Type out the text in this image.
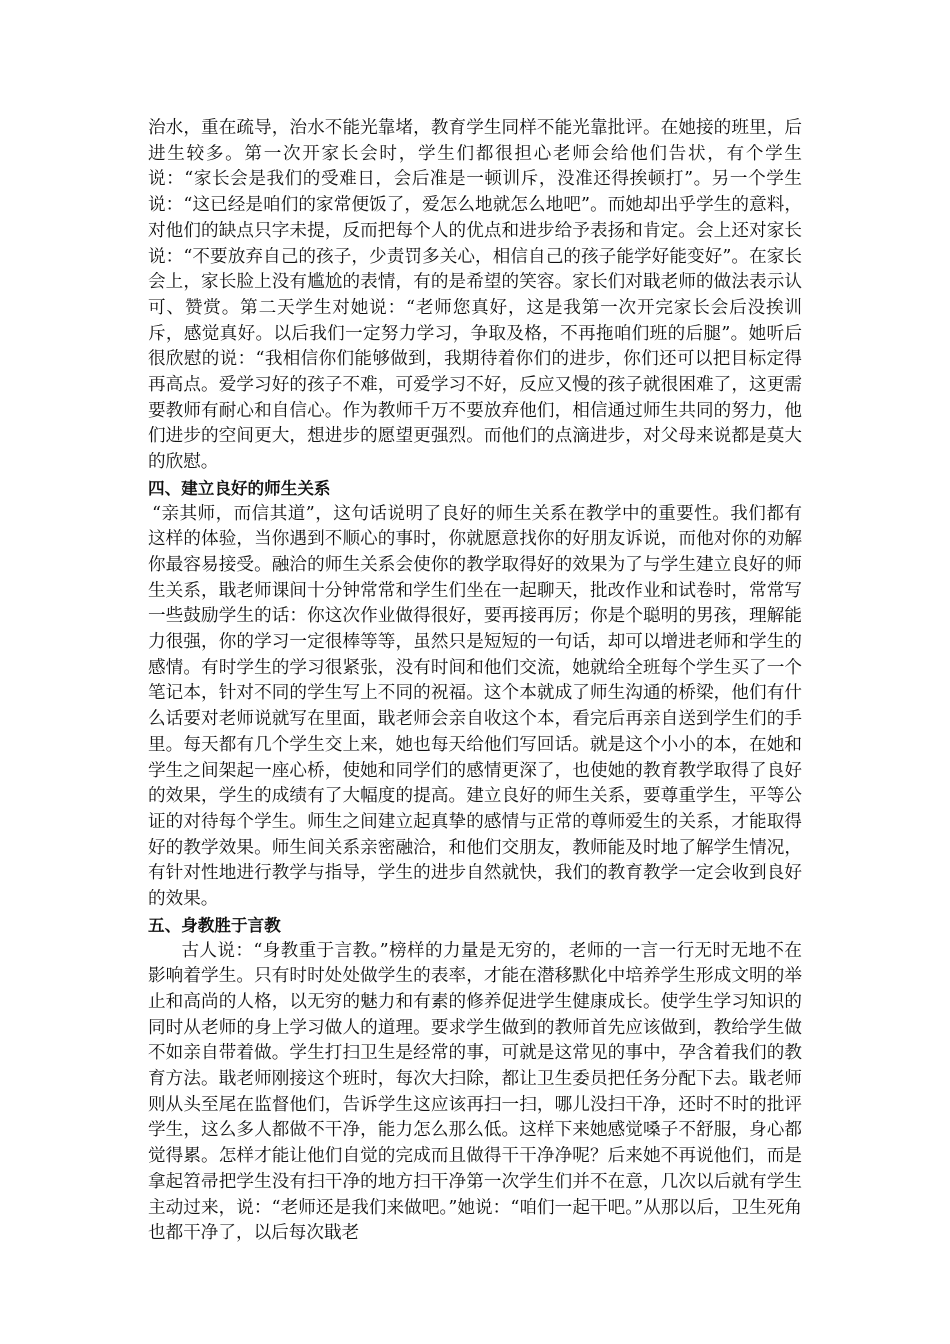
治水，重在疏导，治水不能光靠堵，教育学生同样不能光靠批评。在她接的班里，后进生较多。第一次开家长会时，学生们都很担心老师会给他们告状，有个学生说：“家长会是我们的受难日，会后准是一顿训斥，没准还得挨顿打”。另一个学生说：“这已经是咱们的家常便饭了，爱怎么地就怎么地吧”。而她却出乎学生的意料，对他们的缺点只字未提，反而把每个人的优点和进步给予表扬和肯定。会上还对家长说：“不要放弃自己的孩子，少责罚多关心，相信自己的孩子能学好能变好”。在家长会上，家长脸上没有尴尬的表情，有的是希望的笑容。家长们对戢老师的做法表示认可、赞赏。第二天学生对她说：“老师您真好，这是我第一次开完家长会后没挨训斥，感觉真好。以后我们一定努力学习，争取及格，不再拖咱们班的后腿”。她听后很欣慰的说：“我相信你们能够做到，我期待着你们的进步，你们还可以把目标定得再高点。爱学习好的孩子不难，可爱学习不好，反应又慢的孩子就很困难了，这更需要教师有耐心和自信心。作为教师千万不要放弃他们，相信通过师生共同的努力，他们进步的空间更大，想进步的愿望更强烈。而他们的点滴进步，对父母来说都是莫大的欣慰。

四、建立良好的师生关系

“亲其师，而信其道”，这句话说明了良好的师生关系在教学中的重要性。我们都有这样的体验，当你遇到不顺心的事时，你就愿意找你的好朋友诉说，而他对你的劝解你最容易接受。融洽的师生关系会使你的教学取得好的效果为了与学生建立良好的师生关系，戢老师课间十分钟常常和学生们坐在一起聊天，批改作业和试卷时，常常写一些鼓励学生的话：你这次作业做得很好，要再接再厉；你是个聪明的男孩，理解能力很强，你的学习一定很棒等等，虽然只是短短的一句话，却可以增进老师和学生的感情。有时学生的学习很紧张，没有时间和他们交流，她就给全班每个学生买了一个笔记本，针对不同的学生写上不同的祝福。这个本就成了师生沟通的桥梁，他们有什么话要对老师说就写在里面，戢老师会亲自收这个本，看完后再亲自送到学生们的手里。每天都有几个学生交上来，她也每天给他们写回话。就是这个小小的本，在她和学生之间架起一座心桥，使她和同学们的感情更深了，也使她的教育教学取得了良好的效果，学生的成绩有了大幅度的提高。建立良好的师生关系，要尊重学生，平等公证的对待每个学生。师生之间建立起真挚的感情与正常的尊师爱生的关系，才能取得好的教学效果。师生间关系亲密融洽，和他们交朋友，教师能及时地了解学生情况，有针对性地进行教学与指导，学生的进步自然就快，我们的教育教学一定会收到良好的效果。

五、身教胜于言教

古人说：“身教重于言教。”榜样的力量是无穷的，老师的一言一行无时无地不在影响着学生。只有时时处处做学生的表率，才能在潜移默化中培养学生形成文明的举止和高尚的人格，以无穷的魅力和有素的修养促进学生健康成长。使学生学习知识的同时从老师的身上学习做人的道理。要求学生做到的教师首先应该做到，教给学生做不如亲自带着做。学生打扫卫生是经常的事，可就是这常见的事中，孕含着我们的教育方法。戢老师刚接这个班时，每次大扫除，都让卫生委员把任务分配下去。戢老师则从头至尾在监督他们，告诉学生这应该再扫一扫，哪儿没扫干净，还时不时的批评学生，这么多人都做不干净，能力怎么那么低。这样下来她感觉嗓子不舒服，身心都觉得累。怎样才能让他们自觉的完成而且做得干干净净呢？后来她不再说他们，而是拿起笤帚把学生没有扫干净的地方扫干净第一次学生们并不在意，几次以后就有学生主动过来，说：“老师还是我们来做吧。”她说：“咱们一起干吧。”从那以后，卫生死角也都干净了，以后每次戢老
